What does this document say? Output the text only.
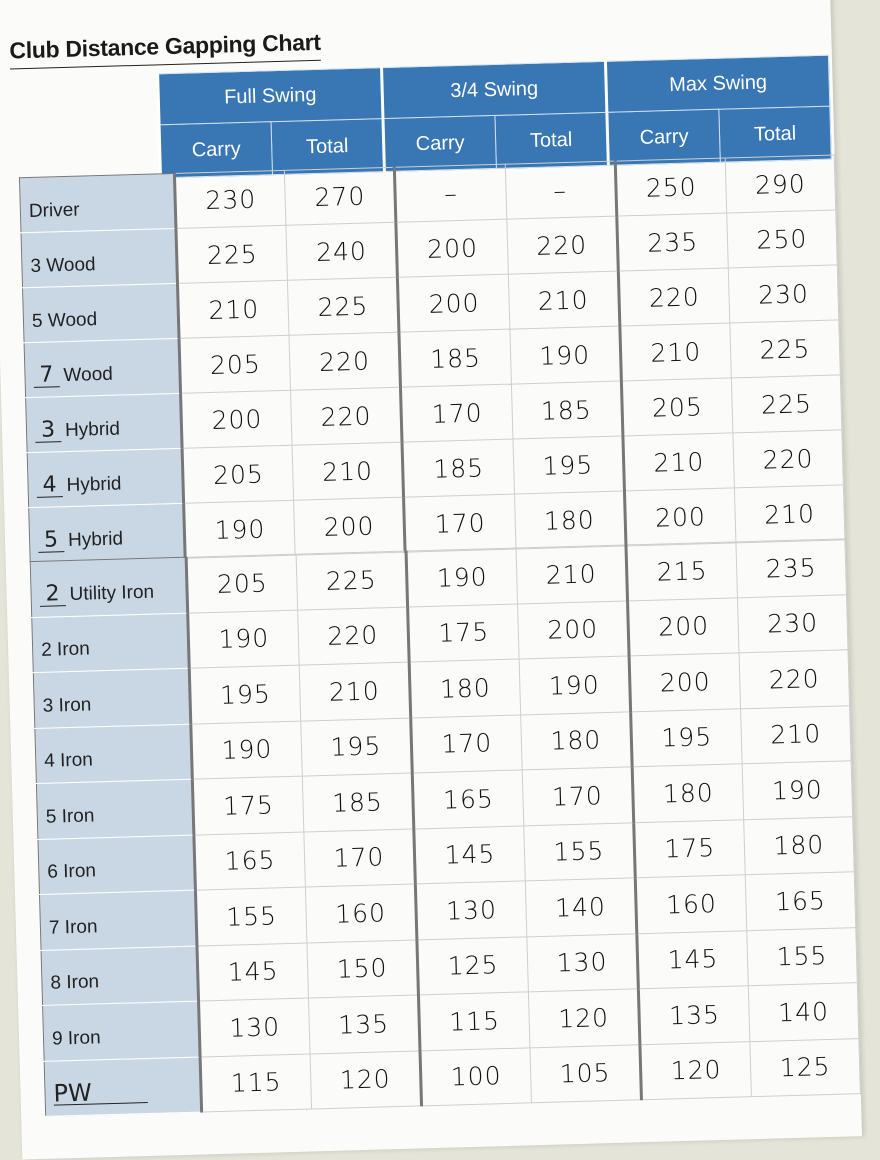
Club Distance Gapping Chart
Full Swing		3/4 Swing		Max Swing	
Carry	Total	Carry	Total	Carry	Total
Driver	230	270	–	–	250	290
3 Wood	225	240	200	220	235	250
5 Wood	210	225	200	210	220	230
7 Wood	205	220	185	190	210	225
3 Hybrid	200	220	170	185	205	225
4 Hybrid	205	210	185	195	210	220
5 Hybrid	190	200	170	180	200	210
2 Utility Iron	205	225	190	210	215	235
2 Iron	190	220	175	200	200	230
3 Iron	195	210	180	190	200	220
4 Iron	190	195	170	180	195	210
5 Iron	175	185	165	170	180	190
6 Iron	165	170	145	155	175	180
7 Iron	155	160	130	140	160	165
8 Iron	145	150	125	130	145	155
9 Iron	130	135	115	120	135	140
PW	115	120	100	105	120	125
